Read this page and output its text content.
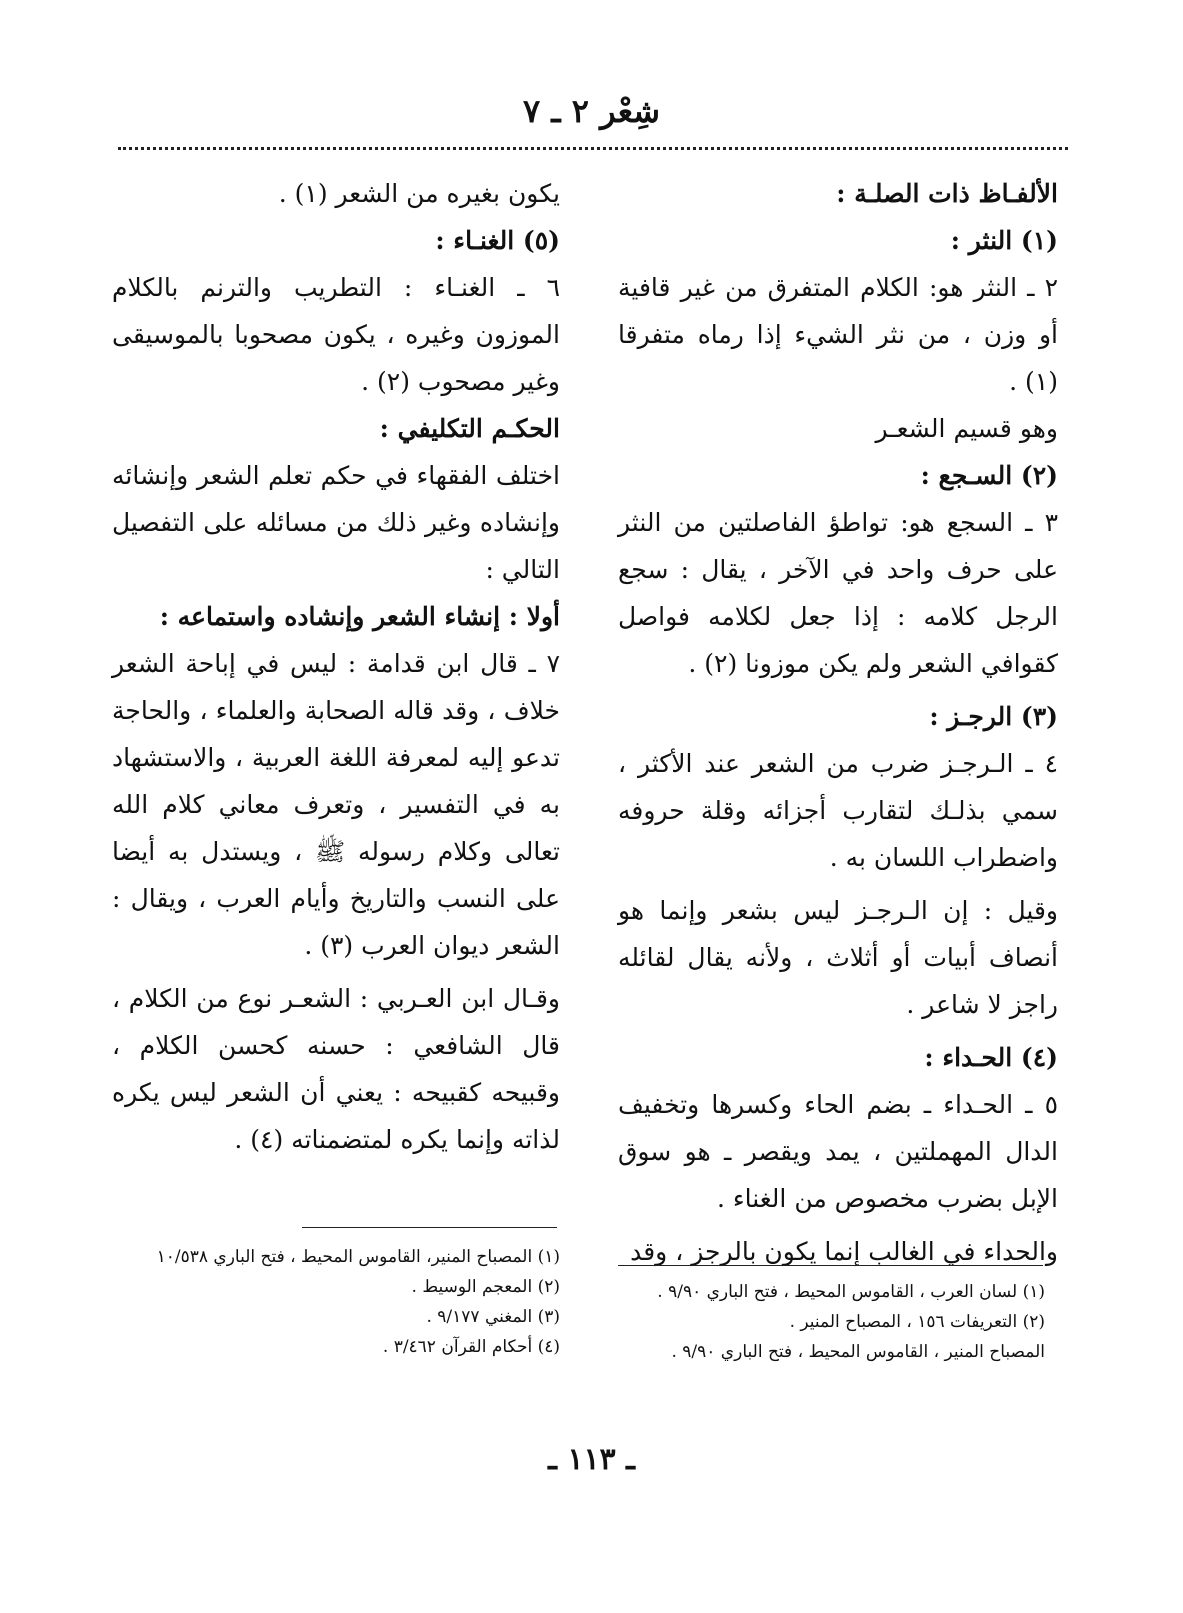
شِعْر ٢ ـ ٧

الألفـاظ ذات الصلـة :

(١) النثر :

٢ ـ النثر هو: الكلام المتفرق من غير قافية أو وزن ، من نثر الشيء إذا رماه متفرقا (١) .

وهو قسيم الشعـر

(٢) السـجع :

٣ ـ السجع هو: تواطؤ الفاصلتين من النثر على حرف واحد في الآخر ، يقال : سجع الرجل كلامه : إذا جعل لكلامه فواصل كقوافي الشعر ولم يكن موزونا (٢) .

(٣) الرجـز :

٤ ـ الـرجـز ضرب من الشعر عند الأكثر ، سمي بذلـك لتقارب أجزائه وقلة حروفه واضطراب اللسان به .

وقيل : إن الـرجـز ليس بشعر وإنما هو أنصاف أبيات أو أثلاث ، ولأنه يقال لقائله راجز لا شاعر .

(٤) الحـداء :

٥ ـ الحـداء ـ بضم الحاء وكسرها وتخفيف الدال المهملتين ، يمد ويقصر ـ هو سوق الإبل بضرب مخصوص من الغناء .

والحداء في الغالب إنما يكون بالرجز ، وقد

يكون بغيره من الشعر (١) .

(٥) الغنـاء :

٦ ـ الغنـاء : التطريب والترنم بالكلام الموزون وغيره ، يكون مصحوبا بالموسيقى وغير مصحوب (٢) .

الحكـم التكليفي :

اختلف الفقهاء في حكم تعلم الشعر وإنشائه وإنشاده وغير ذلك من مسائله على التفصيل التالي :

أولا : إنشاء الشعر وإنشاده واستماعه :

٧ ـ قال ابن قدامة : ليس في إباحة الشعر خلاف ، وقد قاله الصحابة والعلماء ، والحاجة تدعو إليه لمعرفة اللغة العربية ، والاستشهاد به في التفسير ، وتعرف معاني كلام الله تعالى وكلام رسوله ﷺ ، ويستدل به أيضا على النسب والتاريخ وأيام العرب ، ويقال : الشعر ديوان العرب (٣) .

وقـال ابن العـربي : الشعـر نوع من الكلام ، قال الشافعي : حسنه كحسن الكلام ، وقبيحه كقبيحه : يعني أن الشعر ليس يكره لذاته وإنما يكره لمتضمناته (٤) .

(١) لسان العرب ، القاموس المحيط ، فتح الباري ٩/٩٠ .

(٢) التعريفات ١٥٦ ، المصباح المنير .

المصباح المنير ، القاموس المحيط ، فتح الباري ٩/٩٠ .

(١) المصباح المنير، القاموس المحيط ، فتح الباري ١٠/٥٣٨

(٢) المعجم الوسيط .

(٣) المغني ٩/١٧٧ .

(٤) أحكام القرآن ٣/٤٦٢ .

ـ ١١٣ ـ
